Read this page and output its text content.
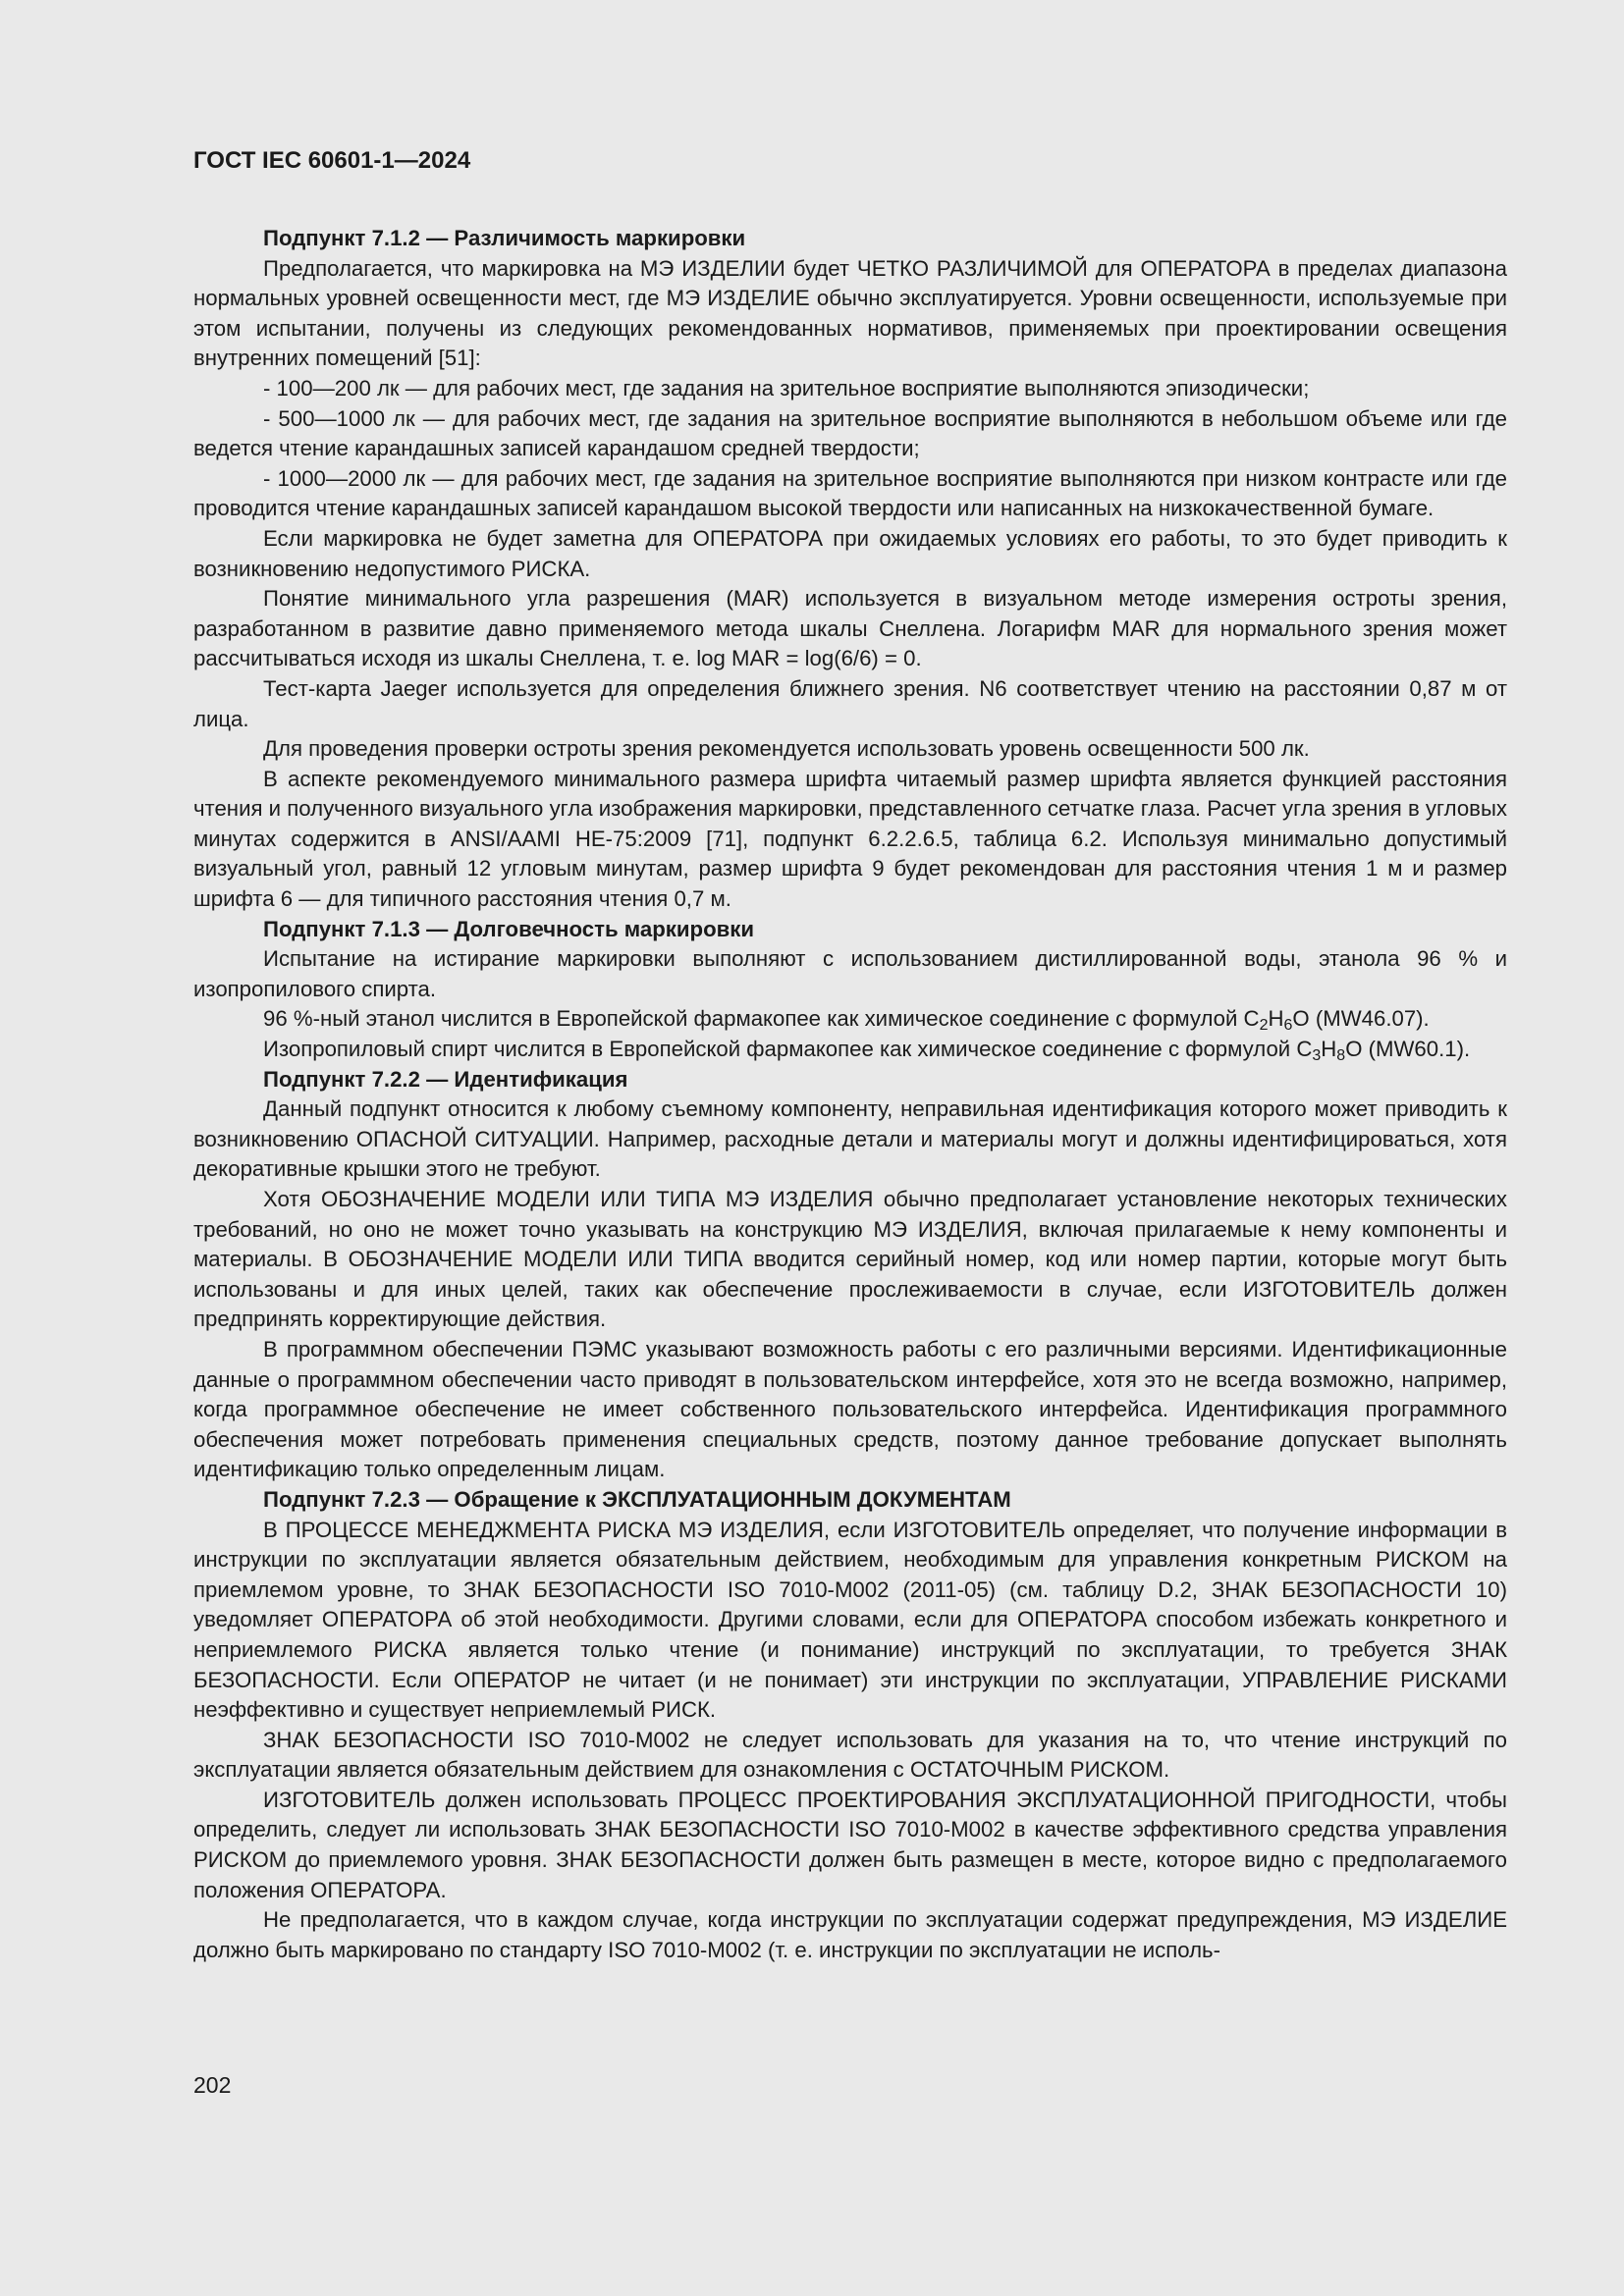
ГОСТ IEC 60601-1—2024

Подпункт 7.1.2 — Различимость маркировки

Предполагается, что маркировка на МЭ ИЗДЕЛИИ будет ЧЕТКО РАЗЛИЧИМОЙ для ОПЕРАТОРА в пределах диапазона нормальных уровней освещенности мест, где МЭ ИЗДЕЛИЕ обычно эксплуатируется. Уровни освещенности, используемые при этом испытании, получены из следующих рекомендованных нормативов, применяемых при проектировании освещения внутренних помещений [51]:

- 100—200 лк — для рабочих мест, где задания на зрительное восприятие выполняются эпизодически;

- 500—1000 лк — для рабочих мест, где задания на зрительное восприятие выполняются в небольшом объеме или где ведется чтение карандашных записей карандашом средней твердости;

- 1000—2000 лк — для рабочих мест, где задания на зрительное восприятие выполняются при низком контрасте или где проводится чтение карандашных записей карандашом высокой твердости или написанных на низкокачественной бумаге.

Если маркировка не будет заметна для ОПЕРАТОРА при ожидаемых условиях его работы, то это будет приводить к возникновению недопустимого РИСКА.

Понятие минимального угла разрешения (MAR) используется в визуальном методе измерения остроты зрения, разработанном в развитие давно применяемого метода шкалы Снеллена. Логарифм MAR для нормального зрения может рассчитываться исходя из шкалы Снеллена, т. е. log MAR = log(6/6) = 0.

Тест-карта Jaeger используется для определения ближнего зрения. N6 соответствует чтению на расстоянии 0,87 м от лица.

Для проведения проверки остроты зрения рекомендуется использовать уровень освещенности 500 лк.

В аспекте рекомендуемого минимального размера шрифта читаемый размер шрифта является функцией расстояния чтения и полученного визуального угла изображения маркировки, представленного сетчатке глаза. Расчет угла зрения в угловых минутах содержится в ANSI/AAMI HE-75:2009 [71], подпункт 6.2.2.6.5, таблица 6.2. Используя минимально допустимый визуальный угол, равный 12 угловым минутам, размер шрифта 9 будет рекомендован для расстояния чтения 1 м и размер шрифта 6 — для типичного расстояния чтения 0,7 м.

Подпункт 7.1.3 — Долговечность маркировки

Испытание на истирание маркировки выполняют с использованием дистиллированной воды, этанола 96 % и изопропилового спирта.

96 %-ный этанол числится в Европейской фармакопее как химическое соединение с формулой $C_2H_6O$ (MW46.07).

Изопропиловый спирт числится в Европейской фармакопее как химическое соединение с формулой $C_3H_8O$ (MW60.1).

Подпункт 7.2.2 — Идентификация

Данный подпункт относится к любому съемному компоненту, неправильная идентификация которого может приводить к возникновению ОПАСНОЙ СИТУАЦИИ. Например, расходные детали и материалы могут и должны идентифицироваться, хотя декоративные крышки этого не требуют.

Хотя ОБОЗНАЧЕНИЕ МОДЕЛИ ИЛИ ТИПА МЭ ИЗДЕЛИЯ обычно предполагает установление некоторых технических требований, но оно не может точно указывать на конструкцию МЭ ИЗДЕЛИЯ, включая прилагаемые к нему компоненты и материалы. В ОБОЗНАЧЕНИЕ МОДЕЛИ ИЛИ ТИПА вводится серийный номер, код или номер партии, которые могут быть использованы и для иных целей, таких как обеспечение прослеживаемости в случае, если ИЗГОТОВИТЕЛЬ должен предпринять корректирующие действия.

В программном обеспечении ПЭМС указывают возможность работы с его различными версиями. Идентификационные данные о программном обеспечении часто приводят в пользовательском интерфейсе, хотя это не всегда возможно, например, когда программное обеспечение не имеет собственного пользовательского интерфейса. Идентификация программного обеспечения может потребовать применения специальных средств, поэтому данное требование допускает выполнять идентификацию только определенным лицам.

Подпункт 7.2.3 — Обращение к ЭКСПЛУАТАЦИОННЫМ ДОКУМЕНТАМ

В ПРОЦЕССЕ МЕНЕДЖМЕНТА РИСКА МЭ ИЗДЕЛИЯ, если ИЗГОТОВИТЕЛЬ определяет, что получение информации в инструкции по эксплуатации является обязательным действием, необходимым для управления конкретным РИСКОМ на приемлемом уровне, то ЗНАК БЕЗОПАСНОСТИ ISO 7010-M002 (2011-05) (см. таблицу D.2, ЗНАК БЕЗОПАСНОСТИ 10) уведомляет ОПЕРАТОРА об этой необходимости. Другими словами, если для ОПЕРАТОРА способом избежать конкретного и неприемлемого РИСКА является только чтение (и понимание) инструкций по эксплуатации, то требуется ЗНАК БЕЗОПАСНОСТИ. Если ОПЕРАТОР не читает (и не понимает) эти инструкции по эксплуатации, УПРАВЛЕНИЕ РИСКАМИ неэффективно и существует неприемлемый РИСК.

ЗНАК БЕЗОПАСНОСТИ ISO 7010-M002 не следует использовать для указания на то, что чтение инструкций по эксплуатации является обязательным действием для ознакомления с ОСТАТОЧНЫМ РИСКОМ.

ИЗГОТОВИТЕЛЬ должен использовать ПРОЦЕСС ПРОЕКТИРОВАНИЯ ЭКСПЛУАТАЦИОННОЙ ПРИГОДНОСТИ, чтобы определить, следует ли использовать ЗНАК БЕЗОПАСНОСТИ ISO 7010-M002 в качестве эффективного средства управления РИСКОМ до приемлемого уровня. ЗНАК БЕЗОПАСНОСТИ должен быть размещен в месте, которое видно с предполагаемого положения ОПЕРАТОРА.

Не предполагается, что в каждом случае, когда инструкции по эксплуатации содержат предупреждения, МЭ ИЗДЕЛИЕ должно быть маркировано по стандарту ISO 7010-M002 (т. е. инструкции по эксплуатации не исполь-

202
